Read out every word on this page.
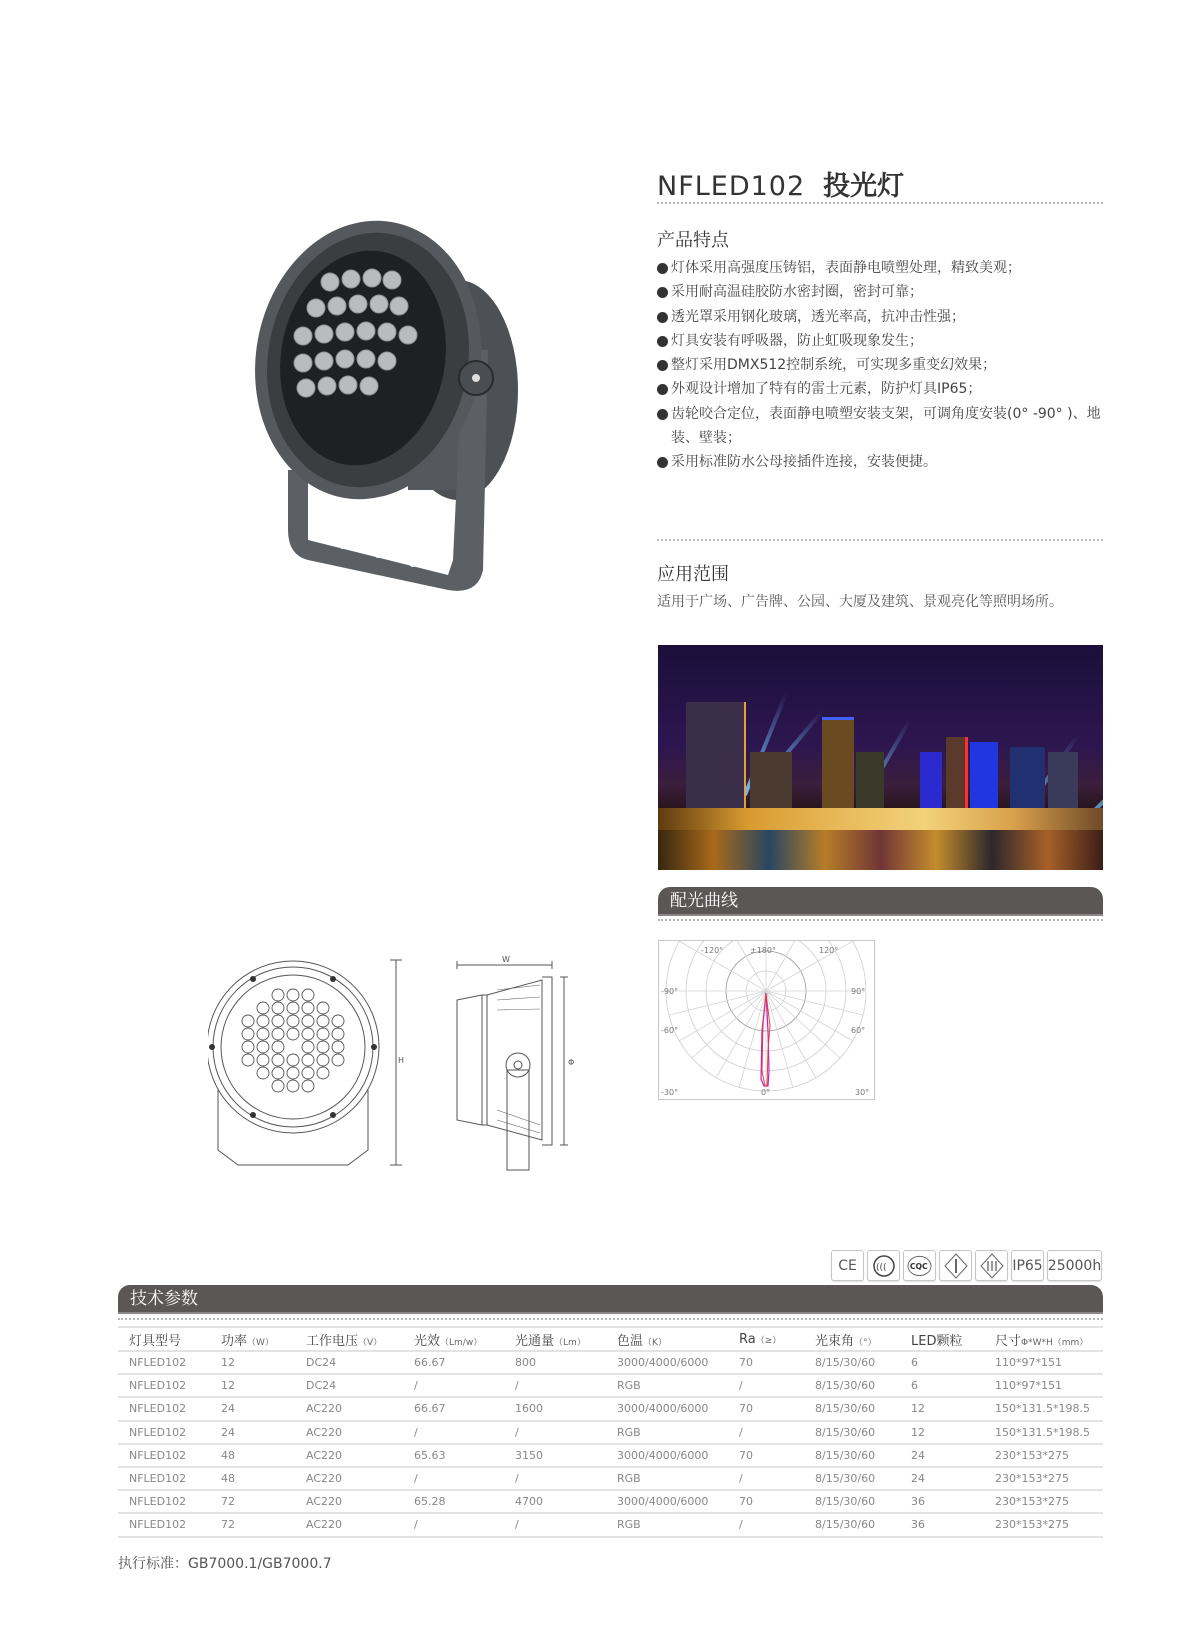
NFLED102 投光灯
产品特点
灯体采用高强度压铸铝，表面静电喷塑处理，精致美观；
采用耐高温硅胶防水密封圈，密封可靠；
透光罩采用钢化玻璃，透光率高，抗冲击性强；
灯具安装有呼吸器，防止虹吸现象发生；
整灯采用DMX512控制系统，可实现多重变幻效果；
外观设计增加了特有的雷士元素，防护灯具IP65；
齿轮咬合定位，表面静电喷塑安装支架，可调角度安装(0° -90° )、地装、壁装；
采用标准防水公母接插件连接，安装便捷。
应用范围
适用于广场、广告牌、公园、大厦及建筑、景观亮化等照明场所。
配光曲线
-120°	±180°	120°
-90°	90°
-60°	60°
-30°	0°	30°
H
W
Φ
CE (((	CQC	IP65 25000h
技术参数
灯具型号	功率（W）	工作电压（V）	光效（Lm/w）	光通量（Lm）	色温（K）	Ra（≥）	光束角（°）	LED颗粒	尺寸Φ*W*H（mm）
NFLED102	12	DC24	66.67	800	3000/4000/6000	70	8/15/30/60	6	110*97*151
NFLED102	12	DC24	/	/	RGB	/	8/15/30/60	6	110*97*151
NFLED102	24	AC220	66.67	1600	3000/4000/6000	70	8/15/30/60	12	150*131.5*198.5
NFLED102	24	AC220	/	/	RGB	/	8/15/30/60	12	150*131.5*198.5
NFLED102	48	AC220	65.63	3150	3000/4000/6000	70	8/15/30/60	24	230*153*275
NFLED102	48	AC220	/	/	RGB	/	8/15/30/60	24	230*153*275
NFLED102	72	AC220	65.28	4700	3000/4000/6000	70	8/15/30/60	36	230*153*275
NFLED102	72	AC220	/	/	RGB	/	8/15/30/60	36	230*153*275
执行标准：GB7000.1/GB7000.7
